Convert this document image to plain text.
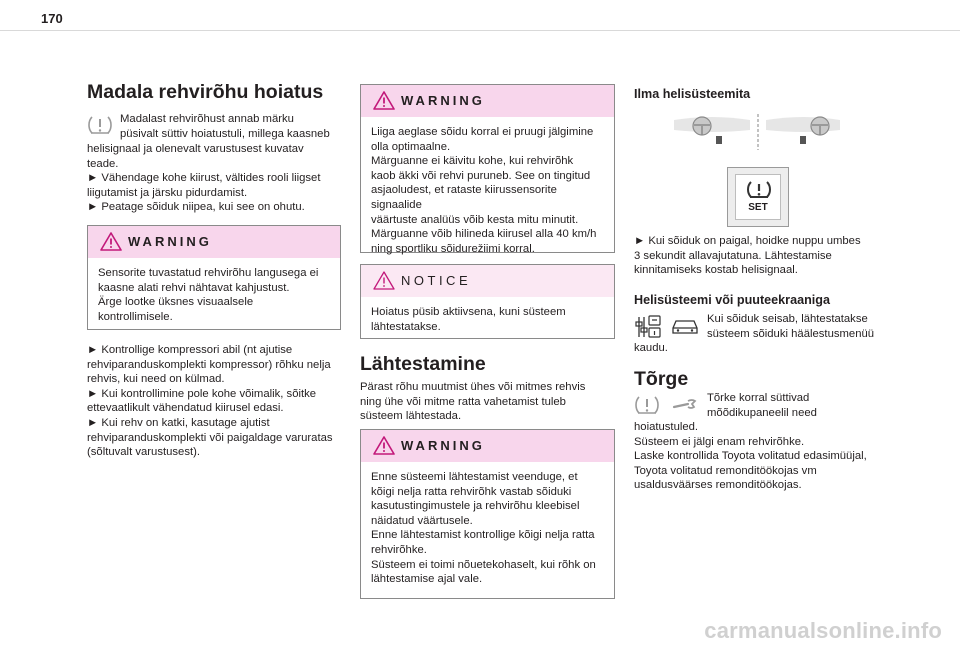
170
Madala rehvirõhu hoiatus
Madalast rehvirõhust annab märku
püsivalt süttiv hoiatustuli, millega kaasneb
helisignaal ja olenevalt varustusest kuvatav
teade.
► Vähendage kohe kiirust, vältides rooli liigset
liigutamist ja järsku pidurdamist.
► Peatage sõiduk niipea, kui see on ohutu.
WARNING
Sensorite tuvastatud rehvirõhu langusega ei
kaasne alati rehvi nähtavat kahjustust.
Ärge lootke üksnes visuaalsele
kontrollimisele.
► Kontrollige kompressori abil (nt ajutise
rehviparanduskomplekti kompressor) rõhku nelja
rehvis, kui need on külmad.
► Kui kontrollimine pole kohe võimalik, sõitke
ettevaatlikult vähendatud kiirusel edasi.
► Kui rehv on katki, kasutage ajutist
rehviparanduskomplekti või paigaldage varuratas
(sõltuvalt varustusest).
WARNING
Liiga aeglase sõidu korral ei pruugi jälgimine
olla optimaalne.
Märguanne ei käivitu kohe, kui rehvirõhk
kaob äkki või rehvi puruneb. See on tingitud
asjaoludest, et rataste kiirussensorite signaalide
väärtuste analüüs võib kesta mitu minutit.
Märguanne võib hilineda kiirusel alla 40 km/h
ning sportliku sõidurežiimi korral.
NOTICE
Hoiatus püsib aktiivsena, kuni süsteem
lähtestatakse.
Lähtestamine
Pärast rõhu muutmist ühes või mitmes rehvis
ning ühe või mitme ratta vahetamist tuleb
süsteem lähtestada.
WARNING
Enne süsteemi lähtestamist veenduge, et
kõigi nelja ratta rehvirõhk vastab sõiduki
kasutustingimustele ja rehvirõhu kleebisel
näidatud väärtusele.
Enne lähtestamist kontrollige kõigi nelja ratta
rehvirõhke.
Süsteem ei toimi nõuetekohaselt, kui rõhk on
lähtestamise ajal vale.
Ilma helisüsteemita
SET
► Kui sõiduk on paigal, hoidke nuppu umbes
3 sekundit allavajutatuna. Lähtestamise
kinnitamiseks kostab helisignaal.
Helisüsteemi või puuteekraaniga
Kui sõiduk seisab, lähtestatakse
süsteem sõiduki häälestusmenüü
kaudu.
Tõrge
Tõrke korral süttivad
mõõdikupaneelil need
hoiatustuled.
Süsteem ei jälgi enam rehvirõhke.
Laske kontrollida Toyota volitatud edasimüüjal,
Toyota volitatud remonditöökojas vm
usaldusväärses remonditöökojas.
carmanualsonline.info
